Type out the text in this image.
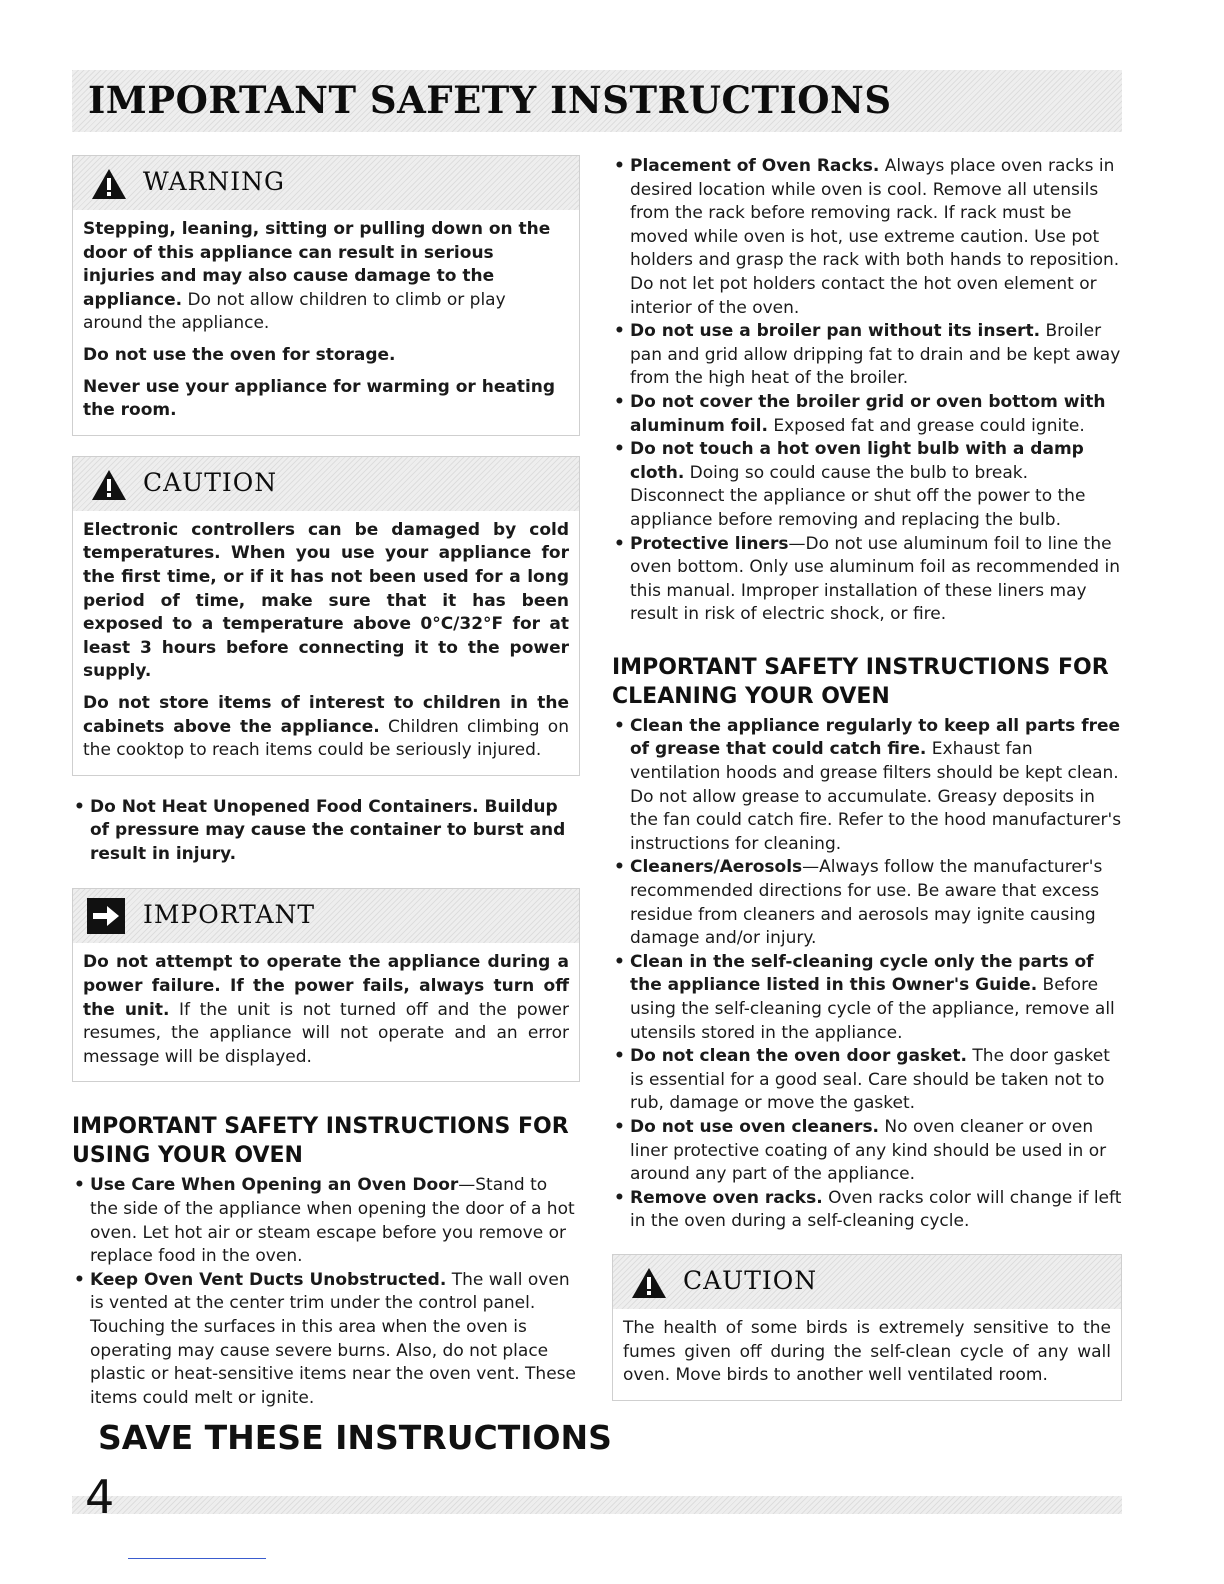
IMPORTANT SAFETY INSTRUCTIONS
WARNING

Stepping, leaning, sitting or pulling down on the door of this appliance can result in serious injuries and may also cause damage to the appliance. Do not allow children to climb or play around the appliance.

Do not use the oven for storage.

Never use your appliance for warming or heating the room.

CAUTION

Electronic controllers can be damaged by cold temperatures. When you use your appliance for the first time, or if it has not been used for a long period of time, make sure that it has been exposed to a temperature above 0°C/32°F for at least 3 hours before connecting it to the power supply.

Do not store items of interest to children in the cabinets above the appliance. Children climbing on the cooktop to reach items could be seriously injured.

• Do Not Heat Unopened Food Containers. Buildup of pressure may cause the container to burst and result in injury.
IMPORTANT

Do not attempt to operate the appliance during a power failure. If the power fails, always turn off the unit. If the unit is not turned off and the power resumes, the appliance will not operate and an error message will be displayed.

IMPORTANT SAFETY INSTRUCTIONS FOR USING YOUR OVEN
• Use Care When Opening an Oven Door—Stand to the side of the appliance when opening the door of a hot oven. Let hot air or steam escape before you remove or replace food in the oven.
• Keep Oven Vent Ducts Unobstructed. The wall oven is vented at the center trim under the control panel. Touching the surfaces in this area when the oven is operating may cause severe burns. Also, do not place plastic or heat-sensitive items near the oven vent. These items could melt or ignite.
• Placement of Oven Racks. Always place oven racks in desired location while oven is cool. Remove all utensils from the rack before removing rack. If rack must be moved while oven is hot, use extreme caution. Use pot holders and grasp the rack with both hands to reposition. Do not let pot holders contact the hot oven element or interior of the oven.
• Do not use a broiler pan without its insert. Broiler pan and grid allow dripping fat to drain and be kept away from the high heat of the broiler.
• Do not cover the broiler grid or oven bottom with aluminum foil. Exposed fat and grease could ignite.
• Do not touch a hot oven light bulb with a damp cloth. Doing so could cause the bulb to break. Disconnect the appliance or shut off the power to the appliance before removing and replacing the bulb.
• Protective liners—Do not use aluminum foil to line the oven bottom. Only use aluminum foil as recommended in this manual. Improper installation of these liners may result in risk of electric shock, or fire.
IMPORTANT SAFETY INSTRUCTIONS FOR CLEANING YOUR OVEN
• Clean the appliance regularly to keep all parts free of grease that could catch fire. Exhaust fan ventilation hoods and grease filters should be kept clean. Do not allow grease to accumulate. Greasy deposits in the fan could catch fire. Refer to the hood manufacturer's instructions for cleaning.
• Cleaners/Aerosols—Always follow the manufacturer's recommended directions for use. Be aware that excess residue from cleaners and aerosols may ignite causing damage and/or injury.
• Clean in the self-cleaning cycle only the parts of the appliance listed in this Owner's Guide. Before using the self-cleaning cycle of the appliance, remove all utensils stored in the appliance.
• Do not clean the oven door gasket. The door gasket is essential for a good seal. Care should be taken not to rub, damage or move the gasket.
• Do not use oven cleaners. No oven cleaner or oven liner protective coating of any kind should be used in or around any part of the appliance.
• Remove oven racks. Oven racks color will change if left in the oven during a self-cleaning cycle.
CAUTION

The health of some birds is extremely sensitive to the fumes given off during the self-clean cycle of any wall oven. Move birds to another well ventilated room.

SAVE THESE INSTRUCTIONS
4
